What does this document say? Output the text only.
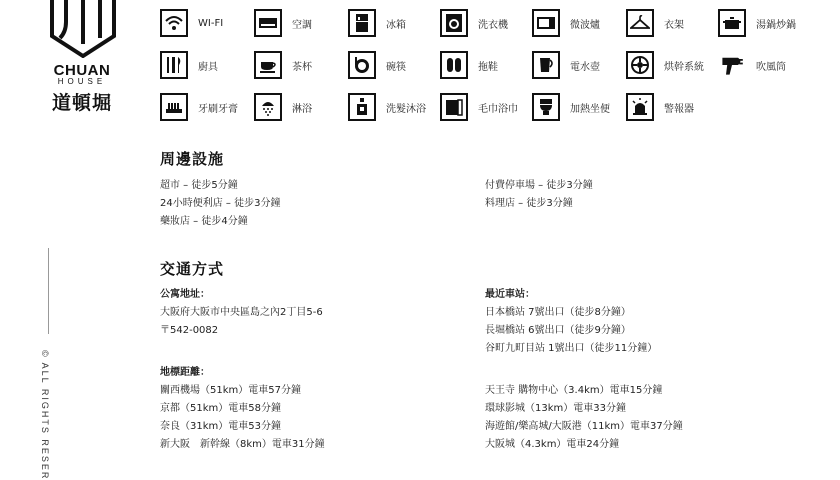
CHUAN
HOUSE
道頓堀
WI-FI	空調	冰箱	洗衣機	微波爐	衣架	湯鍋炒鍋
廚具	茶杯	碗筷	拖鞋	電水壺	烘幹系統	吹風筒
牙刷牙膏	淋浴	洗髮沐浴	毛巾浴巾	加熱坐便	警報器
周邊設施
超市 – 徒步5分鐘
24小時便利店 – 徒步3分鐘
藥妝店 – 徒步4分鐘
付費停車場 – 徒步3分鐘
料理店 – 徒步3分鐘
交通方式
公寓地址：
大阪府大阪市中央區島之內2丁目5-6
〒542-0082
最近車站：
日本橋站 7號出口（徒步8分鐘）
長堀橋站 6號出口（徒步9分鐘）
谷町九町目站 1號出口（徒步11分鐘）
地標距離：
關西機場（51km）電車57分鐘
京都（51km）電車58分鐘
奈良（31km）電車53分鐘
新大阪　新幹線（8km）電車31分鐘
天王寺 購物中心（3.4km）電車15分鐘
環球影城（13km）電車33分鐘
海遊館/樂高城/大阪港（11km）電車37分鐘
大阪城（4.3km）電車24分鐘
© ALL RIGHTS RESER
